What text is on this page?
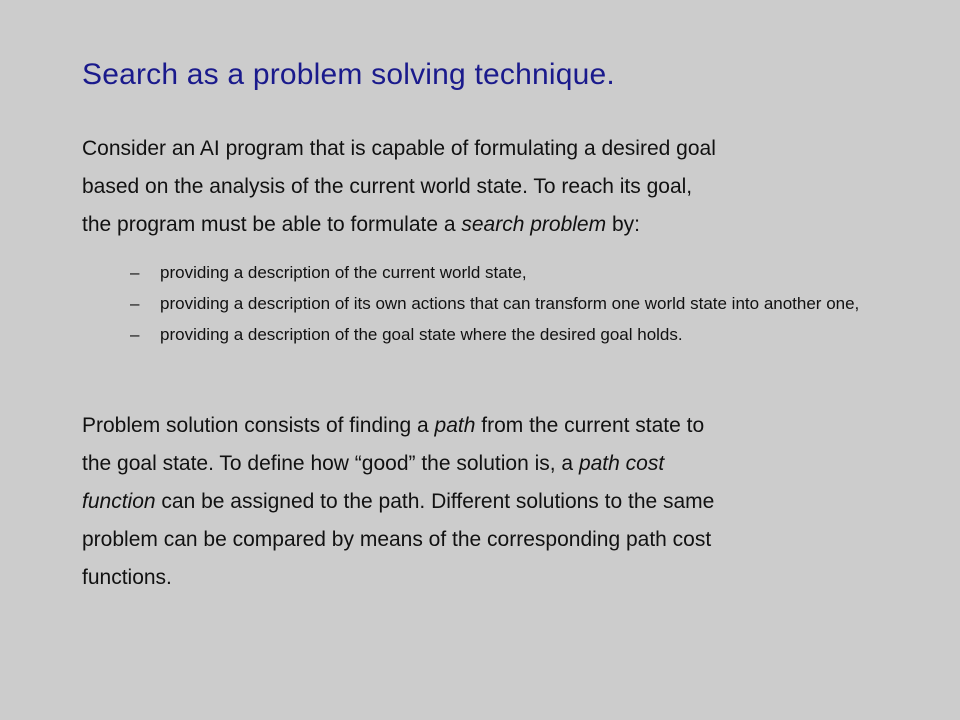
Search as a problem solving technique.
Consider an AI program that is capable of formulating a desired goal
based on the analysis of the current world state. To reach its goal,
the program must be able to formulate a search problem by:
–	providing a description of the current world state,
–	providing a description of its own actions that can transform one world state into another one,
–	providing a description of the goal state where the desired goal holds.
Problem solution consists of finding a path from the current state to
the goal state. To define how “good” the solution is, a path cost
function can be assigned to the path. Different solutions to the same
problem can be compared by means of the corresponding path cost
functions.
